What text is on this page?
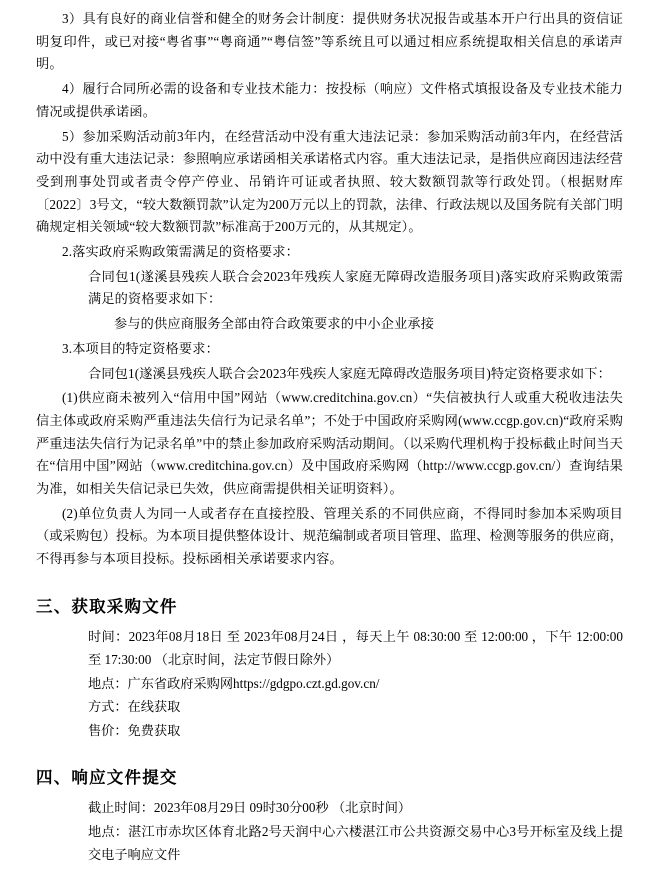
3）具有良好的商业信誉和健全的财务会计制度：提供财务状况报告或基本开户行出具的资信证明复印件，或已对接“粤省事”“粤商通”“粤信签”等系统且可以通过相应系统提取相关信息的承诺声明。

4）履行合同所必需的设备和专业技术能力：按投标（响应）文件格式填报设备及专业技术能力情况或提供承诺函。

5）参加采购活动前3年内，在经营活动中没有重大违法记录：参加采购活动前3年内，在经营活动中没有重大违法记录：参照响应承诺函相关承诺格式内容。重大违法记录，是指供应商因违法经营受到刑事处罚或者责令停产停业、吊销许可证或者执照、较大数额罚款等行政处罚。（根据财库〔2022〕3号文，“较大数额罚款”认定为200万元以上的罚款，法律、行政法规以及国务院有关部门明确规定相关领域“较大数额罚款”标准高于200万元的，从其规定）。

2.落实政府采购政策需满足的资格要求：

合同包1(遂溪县残疾人联合会2023年残疾人家庭无障碍改造服务项目)落实政府采购政策需满足的资格要求如下：

参与的供应商服务全部由符合政策要求的中小企业承接

3.本项目的特定资格要求：

合同包1(遂溪县残疾人联合会2023年残疾人家庭无障碍改造服务项目)特定资格要求如下：

(1)供应商未被列入“信用中国”网站（www.creditchina.gov.cn）“失信被执行人或重大税收违法失信主体或政府采购严重违法失信行为记录名单”；不处于中国政府采购网(www.ccgp.gov.cn)“政府采购严重违法失信行为记录名单”中的禁止参加政府采购活动期间。（以采购代理机构于投标截止时间当天在“信用中国”网站（www.creditchina.gov.cn）及中国政府采购网（http://www.ccgp.gov.cn/）查询结果为准，如相关失信记录已失效，供应商需提供相关证明资料）。

(2)单位负责人为同一人或者存在直接控股、管理关系的不同供应商，不得同时参加本采购项目（或采购包）投标。为本项目提供整体设计、规范编制或者项目管理、监理、检测等服务的供应商，不得再参与本项目投标。投标函相关承诺要求内容。

三、获取采购文件

时间：2023年08月18日 至 2023年08月24日 ，每天上午 08:30:00 至 12:00:00 ，下午 12:00:00 至 17:30:00 （北京时间，法定节假日除外）

地点：广东省政府采购网https://gdgpo.czt.gd.gov.cn/

方式：在线获取

售价：免费获取

四、响应文件提交

截止时间：2023年08月29日 09时30分00秒 （北京时间）

地点：湛江市赤坎区体育北路2号天润中心六楼湛江市公共资源交易中心3号开标室及线上提交电子响应文件
